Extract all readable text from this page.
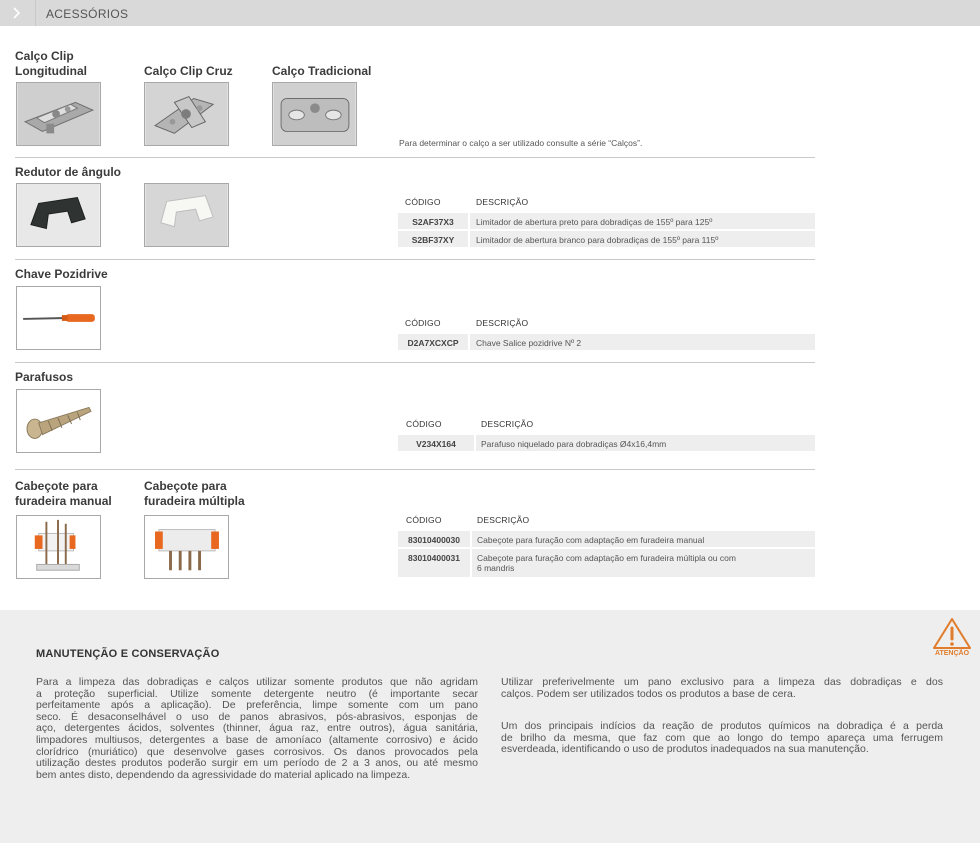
ACESSÓRIOS
Calço Clip
Longitudinal	Calço Clip Cruz	Calço Tradicional
Para determinar o calço a ser utilizado consulte a série “Calços”.
Redutor de ângulo
CÓDIGO	DESCRIÇÃO
S2AF37X3	Limitador de abertura preto para dobradiças de 155º para 125º
S2BF37XY	Limitador de abertura branco para dobradiças de 155º para 115º
Chave Pozidrive
CÓDIGO	DESCRIÇÃO
D2A7XCXCP	Chave Salice pozidrive Nº 2
Parafusos
CÓDIGO	DESCRIÇÃO
V234X164	Parafuso niquelado para dobradiças Ø4x16,4mm
Cabeçote para
furadeira manual
Cabeçote para
furadeira múltipla
CÓDIGO	DESCRIÇÃO
83010400030	Cabeçote para furação com adaptação em furadeira manual
83010400031	Cabeçote para furação com adaptação em furadeira múltipla ou com
6 mandris
ATENÇÃO
MANUTENÇÃO E CONSERVAÇÃO
Para a limpeza das dobradiças e calços utilizar somente produtos que não agridam
a proteção superficial. Utilize somente detergente neutro (é importante secar
perfeitamente após a aplicação). De preferência, limpe somente com um pano
seco. É desaconselhável o uso de panos abrasivos, pós-abrasivos, esponjas de
aço, detergentes ácidos, solventes (thinner, água raz, entre outros), água sanitária,
limpadores multiusos, detergentes a base de amoníaco (altamente corrosivo) e ácido
clorídrico (muriático) que desenvolve gases corrosivos. Os danos provocados pela
utilização destes produtos poderão surgir em um período de 2 a 3 anos, ou até mesmo
bem antes disto, dependendo da agressividade do material aplicado na limpeza.
Utilizar preferivelmente um pano exclusivo para a limpeza das dobradiças e dos
calços. Podem ser utilizados todos os produtos a base de cera.
Um dos principais indícios da reação de produtos químicos na dobradiça é a perda
de brilho da mesma, que faz com que ao longo do tempo apareça uma ferrugem
esverdeada, identificando o uso de produtos inadequados na sua manutenção.
